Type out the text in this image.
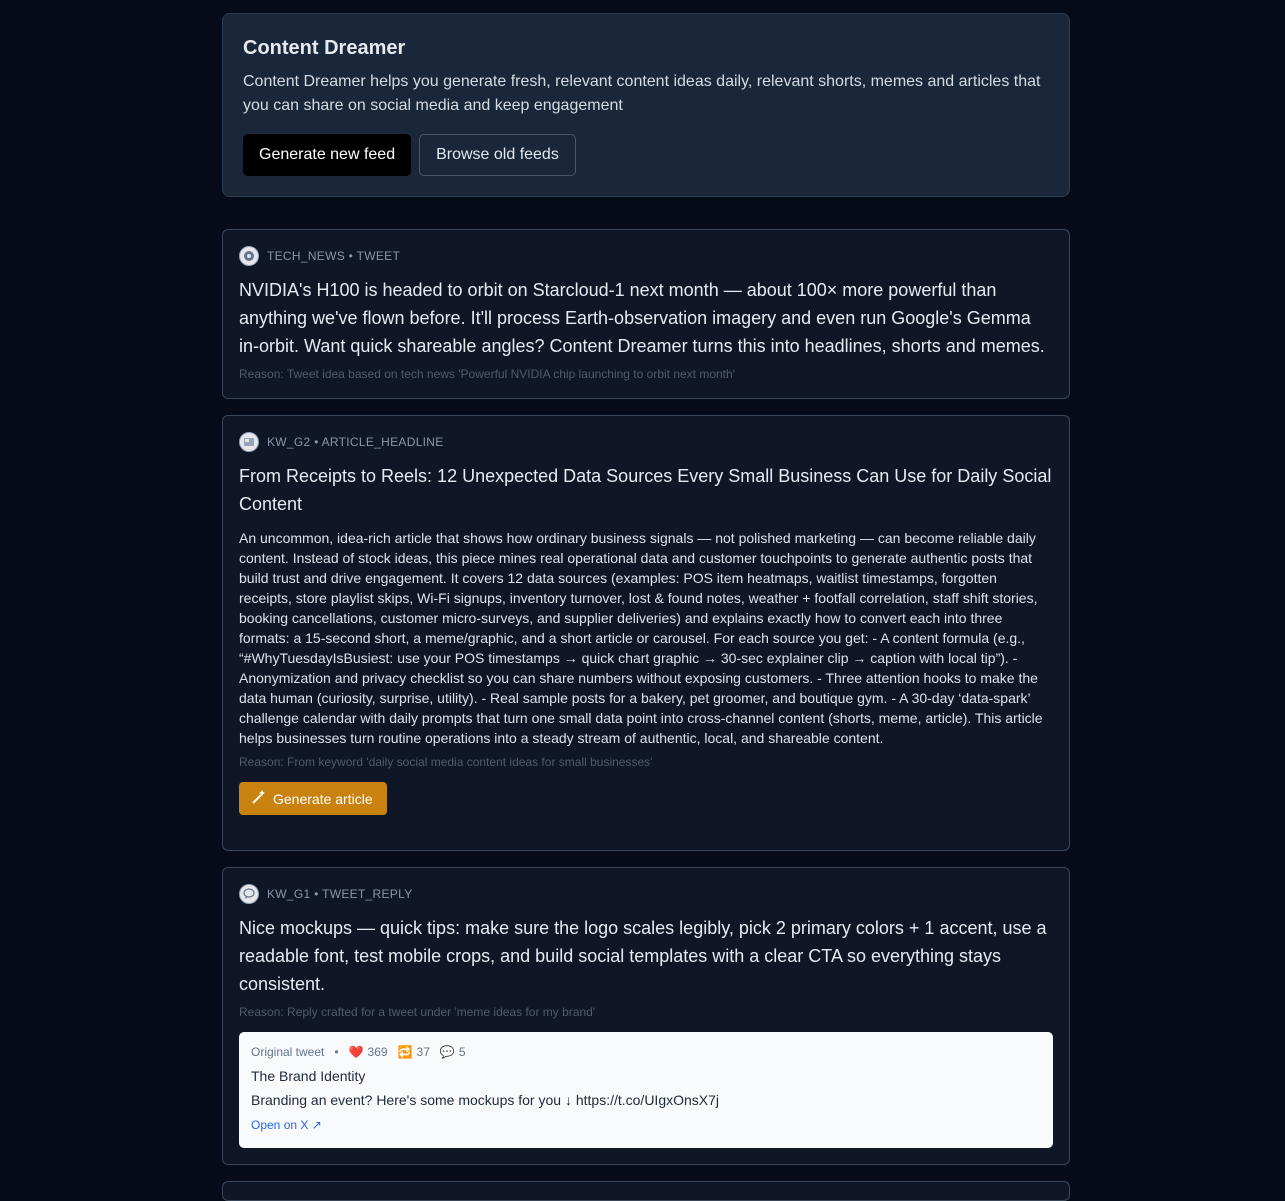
Content Dreamer

Content Dreamer helps you generate fresh, relevant content ideas daily, relevant shorts, memes and articles that you can share on social media and keep engagement

Generate new feed	Browse old feeds
TECH_NEWS • TWEET
NVIDIA's H100 is headed to orbit on Starcloud-1 next month — about 100× more powerful than anything we've flown before. It'll process Earth-observation imagery and even run Google's Gemma in-orbit. Want quick shareable angles? Content Dreamer turns this into headlines, shorts and memes.
Reason: Tweet idea based on tech news 'Powerful NVIDIA chip launching to orbit next month'
KW_G2 • ARTICLE_HEADLINE
From Receipts to Reels: 12 Unexpected Data Sources Every Small Business Can Use for Daily Social Content
An uncommon, idea-rich article that shows how ordinary business signals — not polished marketing — can become reliable daily content. Instead of stock ideas, this piece mines real operational data and customer touchpoints to generate authentic posts that build trust and drive engagement. It covers 12 data sources (examples: POS item heatmaps, waitlist timestamps, forgotten receipts, store playlist skips, Wi-Fi signups, inventory turnover, lost & found notes, weather + footfall correlation, staff shift stories, booking cancellations, customer micro-surveys, and supplier deliveries) and explains exactly how to convert each into three formats: a 15-second short, a meme/graphic, and a short article or carousel. For each source you get: - A content formula (e.g., “#WhyTuesdayIsBusiest: use your POS timestamps → quick chart graphic → 30-sec explainer clip → caption with local tip”). - Anonymization and privacy checklist so you can share numbers without exposing customers. - Three attention hooks to make the data human (curiosity, surprise, utility). - Real sample posts for a bakery, pet groomer, and boutique gym. - A 30-day ‘data-spark’ challenge calendar with daily prompts that turn one small data point into cross-channel content (shorts, meme, article). This article helps businesses turn routine operations into a steady stream of authentic, local, and shareable content.
Reason: From keyword 'daily social media content ideas for small businesses'
Generate article
KW_G1 • TWEET_REPLY
Nice mockups — quick tips: make sure the logo scales legibly, pick 2 primary colors + 1 accent, use a readable font, test mobile crops, and build social templates with a clear CTA so everything stays consistent.
Reason: Reply crafted for a tweet under 'meme ideas for my brand'
Original tweet • ❤️ 369 🔁 37 💬 5
The Brand Identity
Branding an event? Here's some mockups for you ↓ https://t.co/UIgxOnsX7j
Open on X ↗
